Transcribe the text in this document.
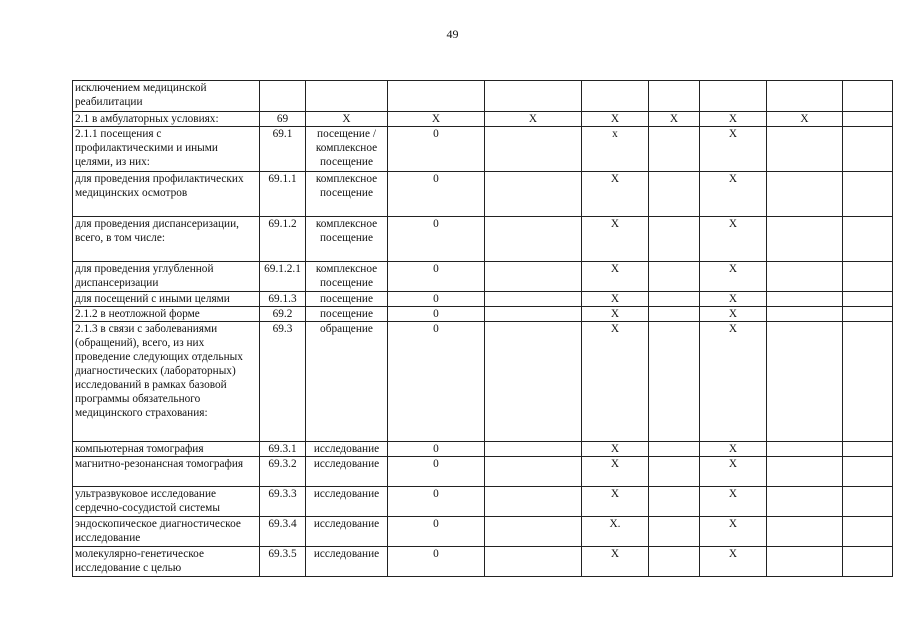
49
исключением медицинской реабилитации									
2.1 в амбулаторных условиях:	69	X	X	X	X	X	X	X	
2.1.1 посещения с профилактическими и иными целями, из них:	69.1	посещение / комплексное посещение	0		x		X		
для проведения профилактических медицинских осмотров	69.1.1	комплексное посещение	0		X		X		
для проведения диспансеризации, всего, в том числе:	69.1.2	комплексное посещение	0		X		X		
для проведения углубленной диспансеризации	69.1.2.1	комплексное посещение	0		X		X		
для посещений с иными целями	69.1.3	посещение	0		X		X		
2.1.2 в неотложной форме	69.2	посещение	0		X		X		
2.1.3 в связи с заболеваниями (обращений), всего, из них проведение следующих отдельных диагностических (лабораторных) исследований в рамках базовой программы обязательного медицинского страхования:	69.3	обращение	0		X		X		
компьютерная томография	69.3.1	исследование	0		X		X		
магнитно-резонансная томография	69.3.2	исследование	0		X		X		
ультразвуковое исследование сердечно-сосудистой системы	69.3.3	исследование	0		X		X		
эндоскопическое диагностическое исследование	69.3.4	исследование	0		X.		X		
молекулярно-генетическое исследование с целью	69.3.5	исследование	0		X		X		
